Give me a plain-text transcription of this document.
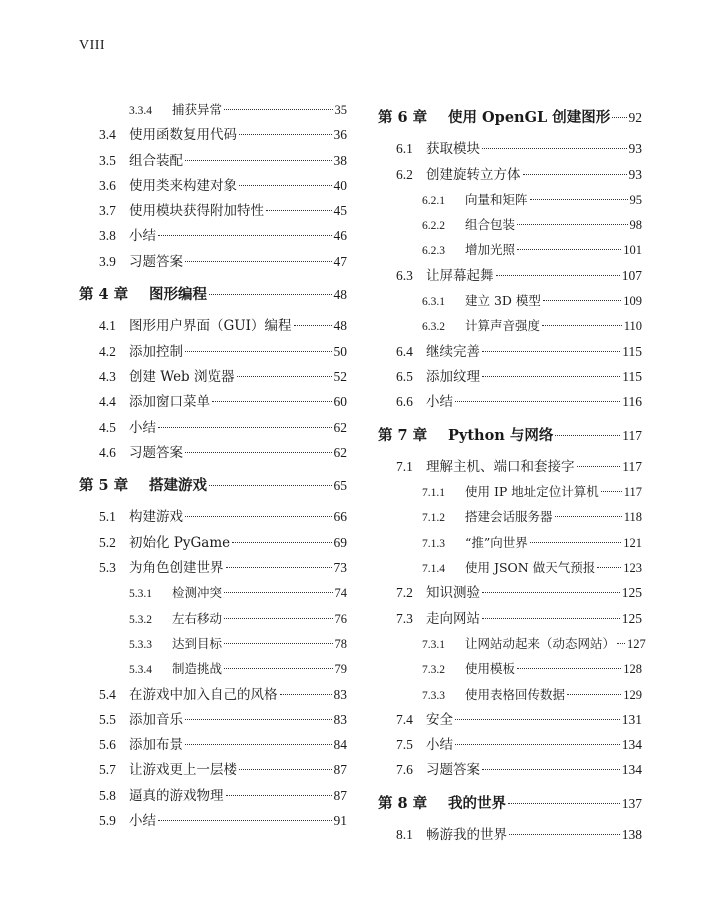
VIII
3.3.4	捕获异常	35
3.4 使用函数复用代码	36
3.5 组合装配	38
3.6 使用类来构建对象	40
3.7 使用模块获得附加特性	45
3.8 小结	46
3.9 习题答案	47
第 4 章	图形编程	48
4.1 图形用户界面（GUI）编程	48
4.2 添加控制	50
4.3 创建 Web 浏览器	52
4.4 添加窗口菜单	60
4.5 小结	62
4.6 习题答案	62
第 5 章	搭建游戏	65
5.1 构建游戏	66
5.2 初始化 PyGame	69
5.3 为角色创建世界	73
5.3.1	检测冲突	74
5.3.2	左右移动	76
5.3.3	达到目标	78
5.3.4	制造挑战	79
5.4 在游戏中加入自己的风格	83
5.5 添加音乐	83
5.6 添加布景	84
5.7 让游戏更上一层楼	87
5.8 逼真的游戏物理	87
5.9 小结	91
第 6 章	使用 OpenGL 创建图形 92
6.1 获取模块	93
6.2 创建旋转立方体	93
6.2.1	向量和矩阵	95
6.2.2	组合包装	98
6.2.3	增加光照	101
6.3 让屏幕起舞	107
6.3.1	建立 3D 模型	109
6.3.2	计算声音强度	110
6.4 继续完善	115
6.5 添加纹理	115
6.6 小结	116
第 7 章	Python 与网络	117
7.1 理解主机、端口和套接字	117
7.1.1	使用 IP 地址定位计算机 117
7.1.2	搭建会话服务器	118
7.1.3	“推”向世界	121
7.1.4	使用 JSON 做天气预报 123
7.2 知识测验	125
7.3 走向网站	125
7.3.1	让网站动起来（动态网站） 127
7.3.2	使用模板	128
7.3.3	使用表格回传数据	129
7.4 安全	131
7.5 小结	134
7.6 习题答案	134
第 8 章	我的世界	137
8.1 畅游我的世界	138
